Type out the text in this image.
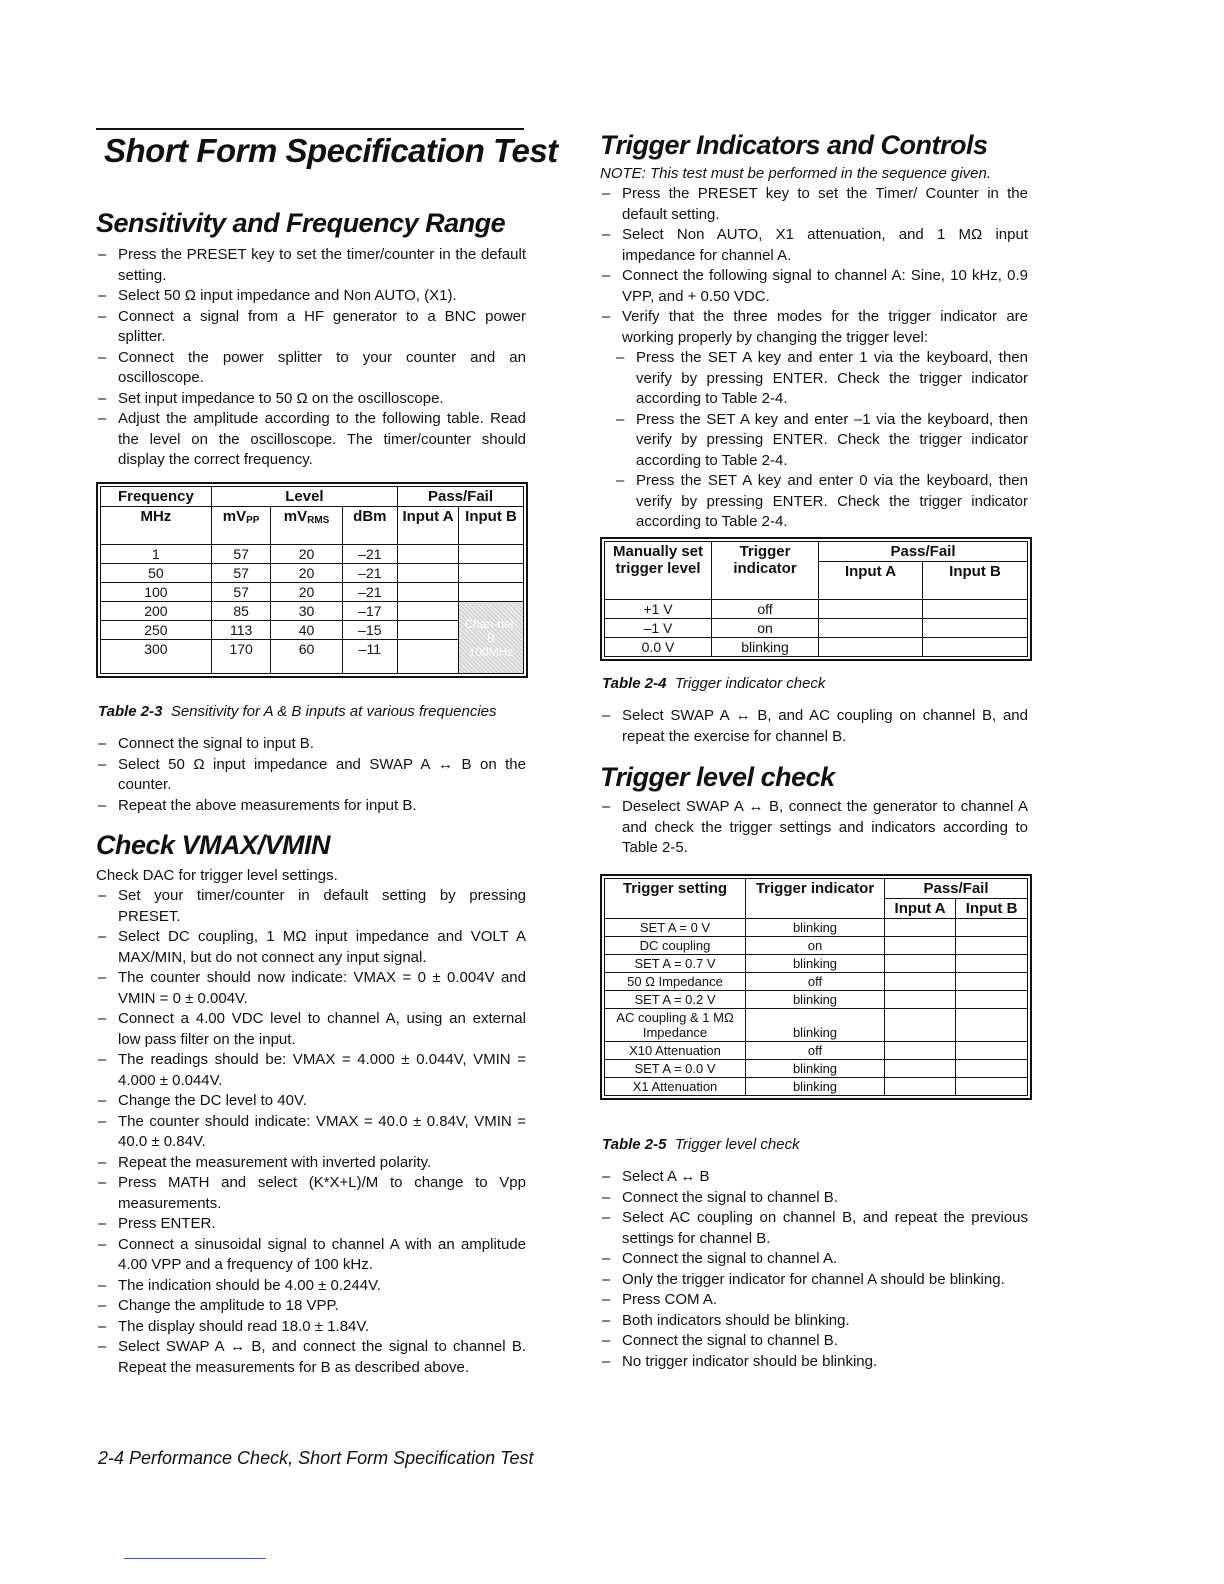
Short Form Specification Test
Sensitivity and Frequency Range
– Press the PRESET key to set the timer/counter in the default setting.
– Select 50 Ω input impedance and Non AUTO, (X1).
– Connect a signal from a HF generator to a BNC power splitter.
– Connect the power splitter to your counter and an oscilloscope.
– Set input impedance to 50 Ω on the oscilloscope.
– Adjust the amplitude according to the following table. Read the level on the oscilloscope. The timer/counter should display the correct frequency.
Frequency	Level			Pass/Fail	
MHz	$mV_{PP}$	$mV_{RMS}$	dBm	Input A	Input B
1	57	20	–21		
50	57	20	–21		
100	57	20	–21		
200	85	30	–17		Chan-nel-B 100MHz
250	113	40	–15		
300	170	60	–11		
Table 2-3 Sensitivity for A & B inputs at various frequencies
– Connect the signal to input B.
– Select 50 Ω input impedance and SWAP A ↔ B on the counter.
– Repeat the above measurements for input B.
Check VMAX/VMIN
Check DAC for trigger level settings.
– Set your timer/counter in default setting by pressing PRESET.
– Select DC coupling, 1 MΩ input impedance and VOLT A MAX/MIN, but do not connect any input signal.
– The counter should now indicate: VMAX = 0 ± 0.004V and VMIN = 0 ± 0.004V.
– Connect a 4.00 VDC level to channel A, using an external low pass filter on the input.
– The readings should be: VMAX = 4.000 ± 0.044V, VMIN = 4.000 ± 0.044V.
– Change the DC level to 40V.
– The counter should indicate: VMAX = 40.0 ± 0.84V, VMIN = 40.0 ± 0.84V.
– Repeat the measurement with inverted polarity.
– Press MATH and select (K*X+L)/M to change to Vpp measurements.
– Press ENTER.
– Connect a sinusoidal signal to channel A with an amplitude 4.00 VPP and a frequency of 100 kHz.
– The indication should be 4.00 ± 0.244V.
– Change the amplitude to 18 VPP.
– The display should read 18.0 ± 1.84V.
– Select SWAP A ↔ B, and connect the signal to channel B. Repeat the measurements for B as described above.
Trigger Indicators and Controls
NOTE: This test must be performed in the sequence given.
– Press the PRESET key to set the Timer/ Counter in the default setting.
– Select Non AUTO, X1 attenuation, and 1 MΩ input impedance for channel A.
– Connect the following signal to channel A: Sine, 10 kHz, 0.9 VPP, and + 0.50 VDC.
– Verify that the three modes for the trigger indicator are working properly by changing the trigger level:
– Press the SET A key and enter 1 via the keyboard, then verify by pressing ENTER. Check the trigger indicator according to Table 2-4.
– Press the SET A key and enter –1 via the keyboard, then verify by pressing ENTER. Check the trigger indicator according to Table 2-4.
– Press the SET A key and enter 0 via the keyboard, then verify by pressing ENTER. Check the trigger indicator according to Table 2-4.
Manually set trigger level	Trigger indicator	Pass/Fail	
		Input A	Input B
+1 V	off		
–1 V	on		
0.0 V	blinking		
Table 2-4 Trigger indicator check
– Select SWAP A ↔ B, and AC coupling on channel B, and repeat the exercise for channel B.
Trigger level check
– Deselect SWAP A ↔ B, connect the generator to channel A and check the trigger settings and indicators according to Table 2-5.
Trigger setting	Trigger indicator	Pass/Fail	
		Input A	Input B
SET A = 0 V	blinking		
DC coupling	on		
SET A = 0.7 V	blinking		
50 Ω Impedance	off		
SET A = 0.2 V	blinking		
AC coupling & 1 MΩ Impedance	blinking		
X10 Attenuation	off		
SET A = 0.0 V	blinking		
X1 Attenuation	blinking		
Table 2-5 Trigger level check
– Select A ↔ B
– Connect the signal to channel B.
– Select AC coupling on channel B, and repeat the previous settings for channel B.
– Connect the signal to channel A.
– Only the trigger indicator for channel A should be blinking.
– Press COM A.
– Both indicators should be blinking.
– Connect the signal to channel B.
– No trigger indicator should be blinking.
2-4 Performance Check, Short Form Specification Test
